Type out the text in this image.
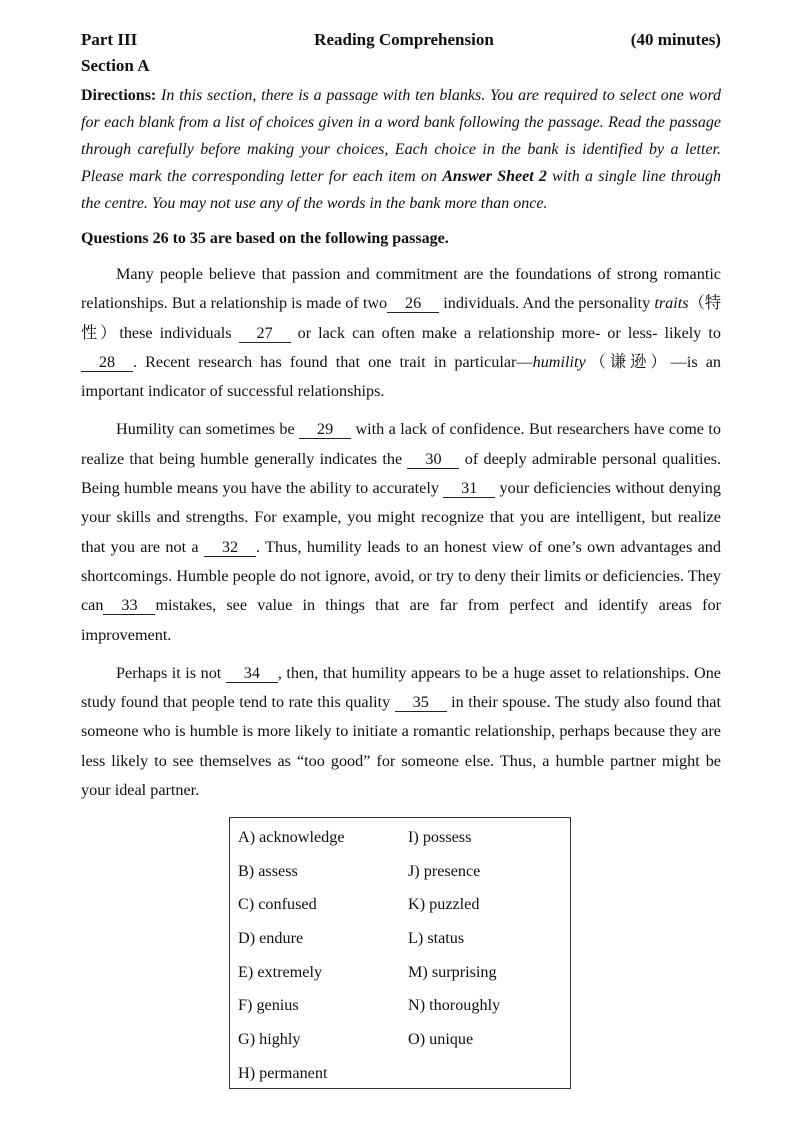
Part III	Reading Comprehension	(40 minutes)
Section A
Directions: In this section, there is a passage with ten blanks. You are required to select one word for each blank from a list of choices given in a word bank following the passage. Read the passage through carefully before making your choices, Each choice in the bank is identified by a letter. Please mark the corresponding letter for each item on Answer Sheet 2 with a single line through the centre. You may not use any of the words in the bank more than once.
Questions 26 to 35 are based on the following passage.

Many people believe that passion and commitment are the foundations of strong romantic relationships. But a relationship is made of two 26 individuals. And the personality traits（特性）these individuals 27 or lack can often make a relationship more- or less- likely to 28 . Recent research has found that one trait in particular—humility（谦逊）—is an important indicator of successful relationships.

Humility can sometimes be 29 with a lack of confidence. But researchers have come to realize that being humble generally indicates the 30 of deeply admirable personal qualities. Being humble means you have the ability to accurately 31 your deficiencies without denying your skills and strengths. For example, you might recognize that you are intelligent, but realize that you are not a 32 . Thus, humility leads to an honest view of one’s own advantages and shortcomings. Humble people do not ignore, avoid, or try to deny their limits or deficiencies. They can 33 mistakes, see value in things that are far from perfect and identify areas for improvement.

Perhaps it is not 34 , then, that humility appears to be a huge asset to relationships. One study found that people tend to rate this quality 35 in their spouse. The study also found that someone who is humble is more likely to initiate a romantic relationship, perhaps because they are less likely to see themselves as “too good” for someone else. Thus, a humble partner might be your ideal partner.

A) acknowledge
B) assess
C) confused
D) endure
E) extremely
F) genius
G) highly
H) permanent
I) possess
J) presence
K) puzzled
L) status
M) surprising
N) thoroughly
O) unique
